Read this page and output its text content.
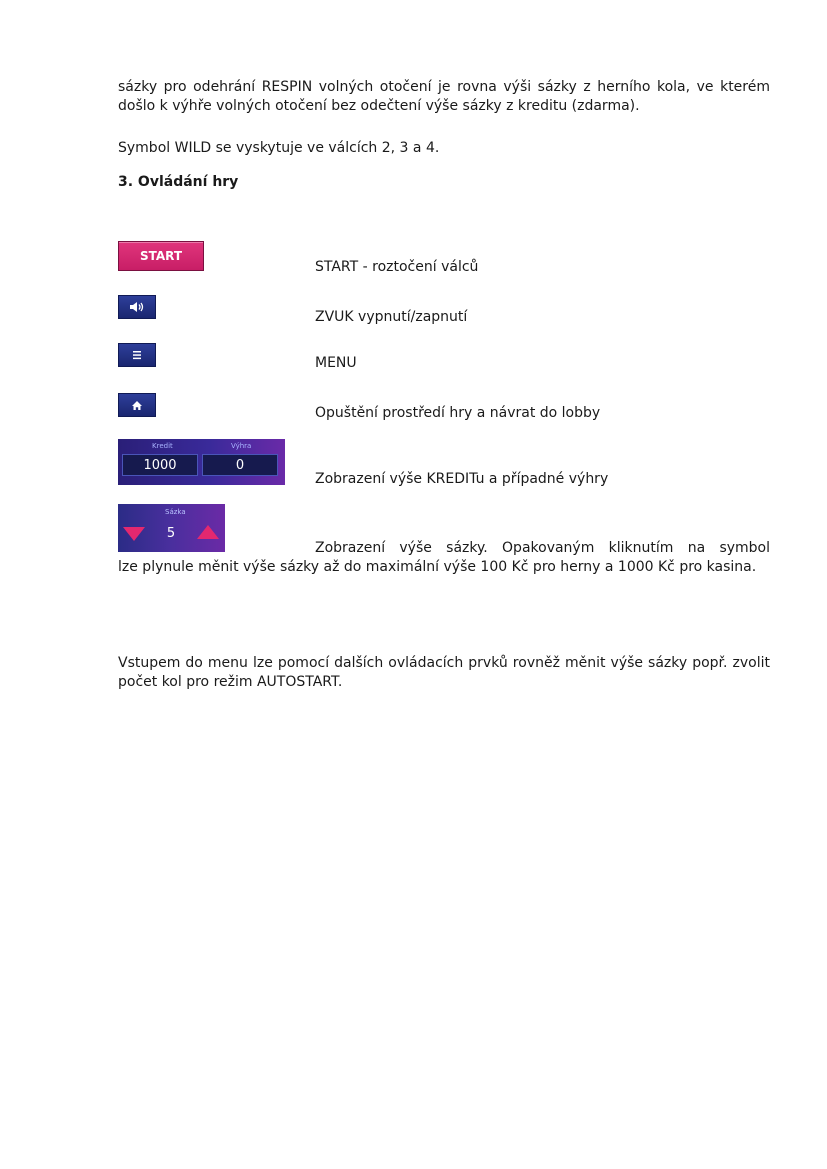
sázky pro odehrání RESPIN volných otočení je rovna výši sázky z herního kola, ve kterém došlo k výhře volných otočení bez odečtení výše sázky z kreditu (zdarma).

Symbol WILD se vyskytuje ve válcích 2, 3 a 4.

3. Ovládání hry

START
START - roztočení válců
ZVUK vypnutí/zapnutí
MENU
Opuštění prostředí hry a návrat do lobby
Kredit	Výhra
1000	0
Zobrazení výše KREDITu a případné výhry
Sázka
5
Zobrazení výše sázky. Opakovaným kliknutím na symbol

lze plynule měnit výše sázky až do maximální výše 100 Kč pro herny a 1000 Kč pro kasina.

Vstupem do menu lze pomocí dalších ovládacích prvků rovněž měnit výše sázky popř. zvolit počet kol pro režim AUTOSTART.
